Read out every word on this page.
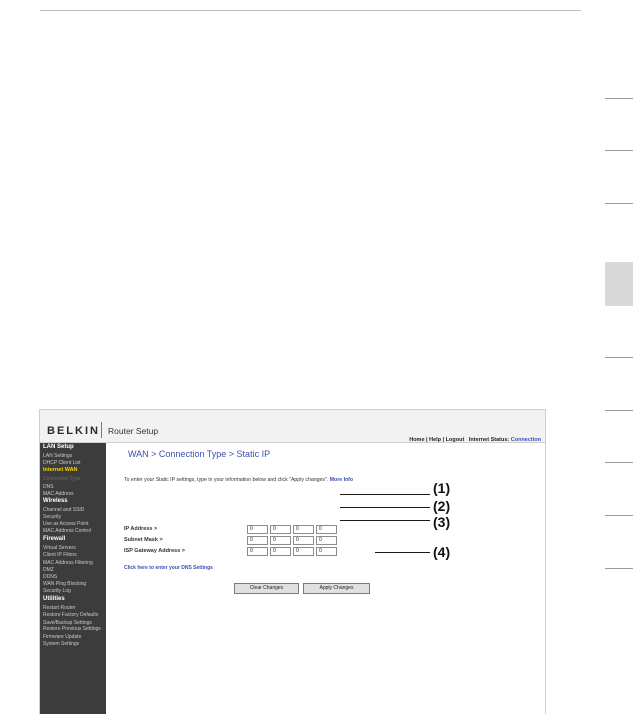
BELKIN Router Setup
Home | Help | Logout Internet Status: Connection
LAN Setup
LAN Settings
DHCP Client List
Internet WAN
Connection Type
DNS
MAC Address
Wireless
Channel and SSID
Security
Use as Access Point
MAC Address Control
Firewall
Virtual Servers
Client IP Filters
MAC Address Filtering
DMZ
DDNS
WAN Ping Blocking
Security Log
Utilities
Restart Router
Restore Factory Defaults
Save/Backup Settings
Restore Previous Settings
Firmware Update
System Settings
WAN > Connection Type > Static IP
To enter your Static IP settings, type in your information below and click "Apply changes". More Info
IP Address >	0	0	0	0
Subnet Mask >	0	0	0	0
ISP Gateway Address >	0	0	0	0
Click here to enter your DNS Settings
Clear Changes	Apply Changes
(1)
(2)
(3)
(4)
